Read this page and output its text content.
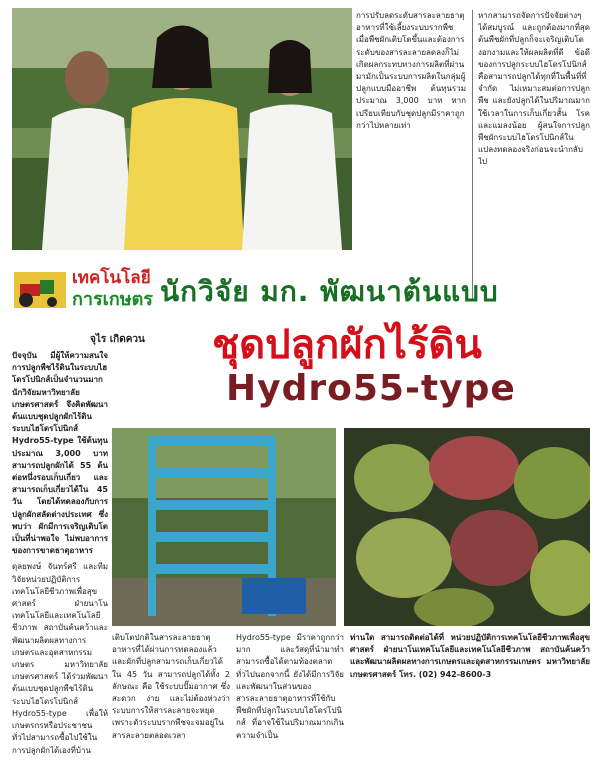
การปรับลดระดับสารละลายธาตุอาหารที่ใช้เลี้ยงระบบรากพืช เมื่อพืชผักเติบโตขึ้นและต้องการระดับของสารละลายลดลงก็ไม่เกิดผลกระทบทางการผลิตที่ผ่านมามักเป็นระบบการผลิตในกลุ่มผู้ปลูกแบบมืออาชีพ ต้นทุนรวมประมาณ 3,000 บาท หากเปรียบเทียบกับชุดปลูกมีราคาถูกกว่าไปหลายเท่า

หากสามารถจัดการปัจจัยต่างๆ ได้สมบูรณ์ และถูกต้องมากที่สุด ต้นพืชผักที่ปลูกก็จะเจริญเติบโตงอกงามและให้ผลผลิตที่ดี ข้อดีของการปลูกระบบไฮโดรโปนิกส์คือสามารถปลูกได้ทุกที่ในพื้นที่ที่จำกัด ไม่เหมาะสมต่อการปลูกพืช และยังปลูกได้ในปริมาณมาก ใช้เวลาในการเก็บเกี่ยวสั้น โรคและแมลงน้อย ผู้สนใจการปลูกพืชผักระบบไฮโดรโปนิกส์ในแปลงทดลองจริงก่อนจะนำกลับไป

เทคโนโลยี
การเกษตร
จุไร เกิดควน
นักวิจัย มก. พัฒนาต้นแบบ
ชุดปลูกผักไร้ดิน
Hydro55-type

ปัจจุบัน มีผู้ให้ความสนใจการปลูกพืชไร้ดินในระบบไฮโดรโปนิกส์เป็นจำนวนมาก นักวิจัยมหาวิทยาลัยเกษตรศาสตร์ จึงคิดพัฒนาต้นแบบชุดปลูกผักไร้ดินระบบไฮโดรโปนิกส์ Hydro55-type ใช้ต้นทุนประมาณ 3,000 บาท สามารถปลูกผักได้ 55 ต้น ต่อหนึ่งรอบเก็บเกี่ยว และสามารถเก็บเกี่ยวได้ใน 45 วัน โดยได้ทดลองกับการปลูกผักสลัดต่างประเทศ ซึ่งพบว่า ผักมีการเจริญเติบโตเป็นที่น่าพอใจ ไม่พบอาการของการขาดธาตุอาหาร

ดุลยพงษ์ จันทร์ศรี และทีมวิจัยหน่วยปฏิบัติการเทคโนโลยีชีวภาพเพื่อสุขศาสตร์ ฝ่ายนาโนเทคโนโลยีและเทคโนโลยีชีวภาพ สถาบันค้นคว้าและพัฒนาผลิตผลทางการเกษตรและอุตสาหกรรมเกษตร มหาวิทยาลัยเกษตรศาสตร์ ได้ร่วมพัฒนาต้นแบบชุดปลูกพืชไร้ดินระบบไฮโดรโปนิกส์ Hydro55-type เพื่อให้เกษตรกรหรือประชาชนทั่วไปสามารถซื้อไปใช้ในการปลูกผักได้เองที่บ้าน

เติบโตปกติในสารละลายธาตุอาหารที่ได้ผ่านการทดลองแล้วและผักที่ปลูกสามารถเก็บเกี่ยวได้ใน 45 วัน สามารถปลูกได้ทั้ง 2 ลักษณะ คือ ใช้ระบบปั๊มอากาศ ซึ่งสะดวก ง่าย และไม่ต้องห่วงว่าระบบการให้สารละลายจะหยุด เพราะตัวระบบรากพืชจะจมอยู่ในสารละลายตลอดเวลา

Hydro55-type มีราคาถูกกว่ามาก และวัสดุที่นำมาทำสามารถซื้อได้ตามท้องตลาดทั่วไปนอกจากนี้ ยังได้มีการวิจัยและพัฒนาในส่วนของสารละลายธาตุอาหารที่ใช้กับพืชผักที่ปลูกในระบบไฮโดรโปนิกส์ ที่อาจใช้ในปริมาณมากเกินความจำเป็น

ท่านใด สามารถติดต่อได้ที่ หน่วยปฏิบัติการเทคโนโลยีชีวภาพเพื่อสุขศาสตร์ ฝ่ายนาโนเทคโนโลยีและเทคโนโลยีชีวภาพ สถาบันค้นคว้าและพัฒนาผลิตผลทางการเกษตรและอุตสาหกรรมเกษตร มหาวิทยาลัยเกษตรศาสตร์ โทร. (02) 942-8600-3
